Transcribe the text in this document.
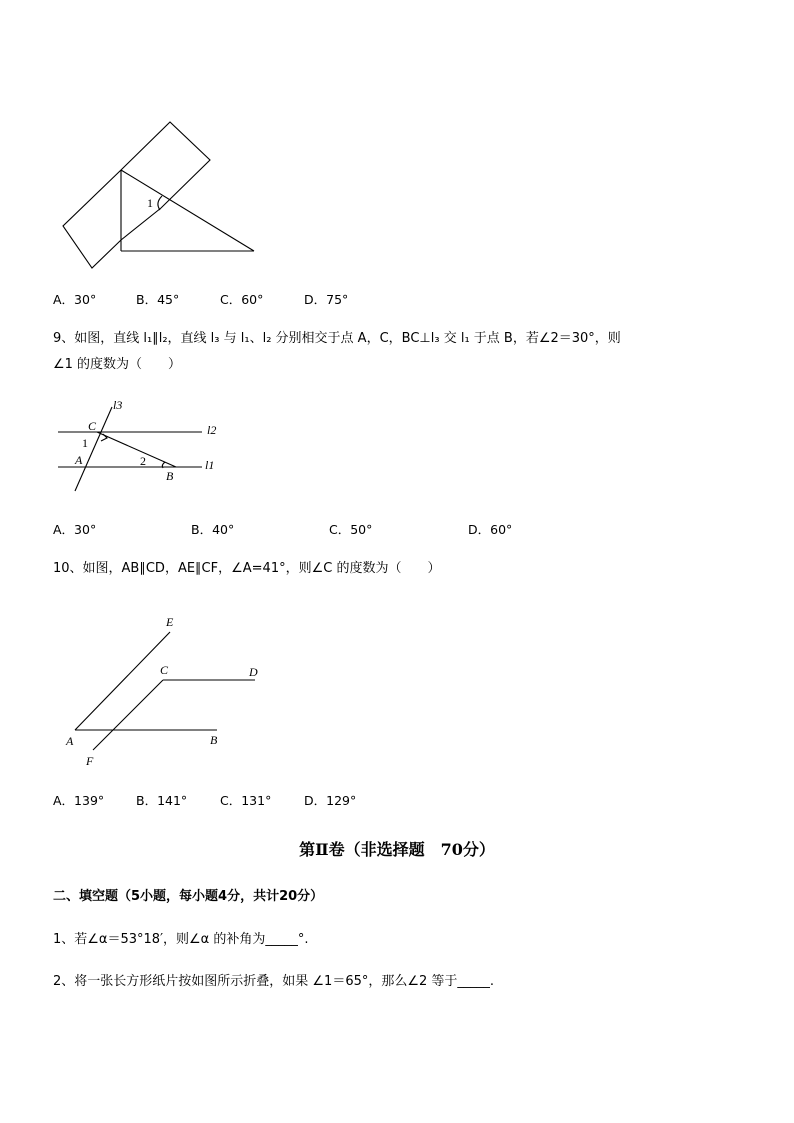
1
A．30°	B．45°	C．60°	D．75°
9、如图，直线 l₁∥l₂，直线 l₃ 与 l₁、l₂ 分别相交于点 A，C，BC⊥l₃ 交 l₁ 于点 B，若∠2＝30°，则
∠1 的度数为（　　）
l3
l2
l1
C
A
B
1
2
A．30°	B．40°	C．50°	D．60°
10、如图，AB∥CD，AE∥CF，∠A=41°，则∠C 的度数为（　　）
E
C	D
A	B
F
A．139°	B．141°	C．131°	D．129°
第Ⅱ卷（非选择题　70分）
二、填空题（5小题，每小题4分，共计20分）
1、若∠α＝53°18′，则∠α 的补角为_____°.
2、将一张长方形纸片按如图所示折叠，如果 ∠1＝65°，那么∠2 等于_____.
